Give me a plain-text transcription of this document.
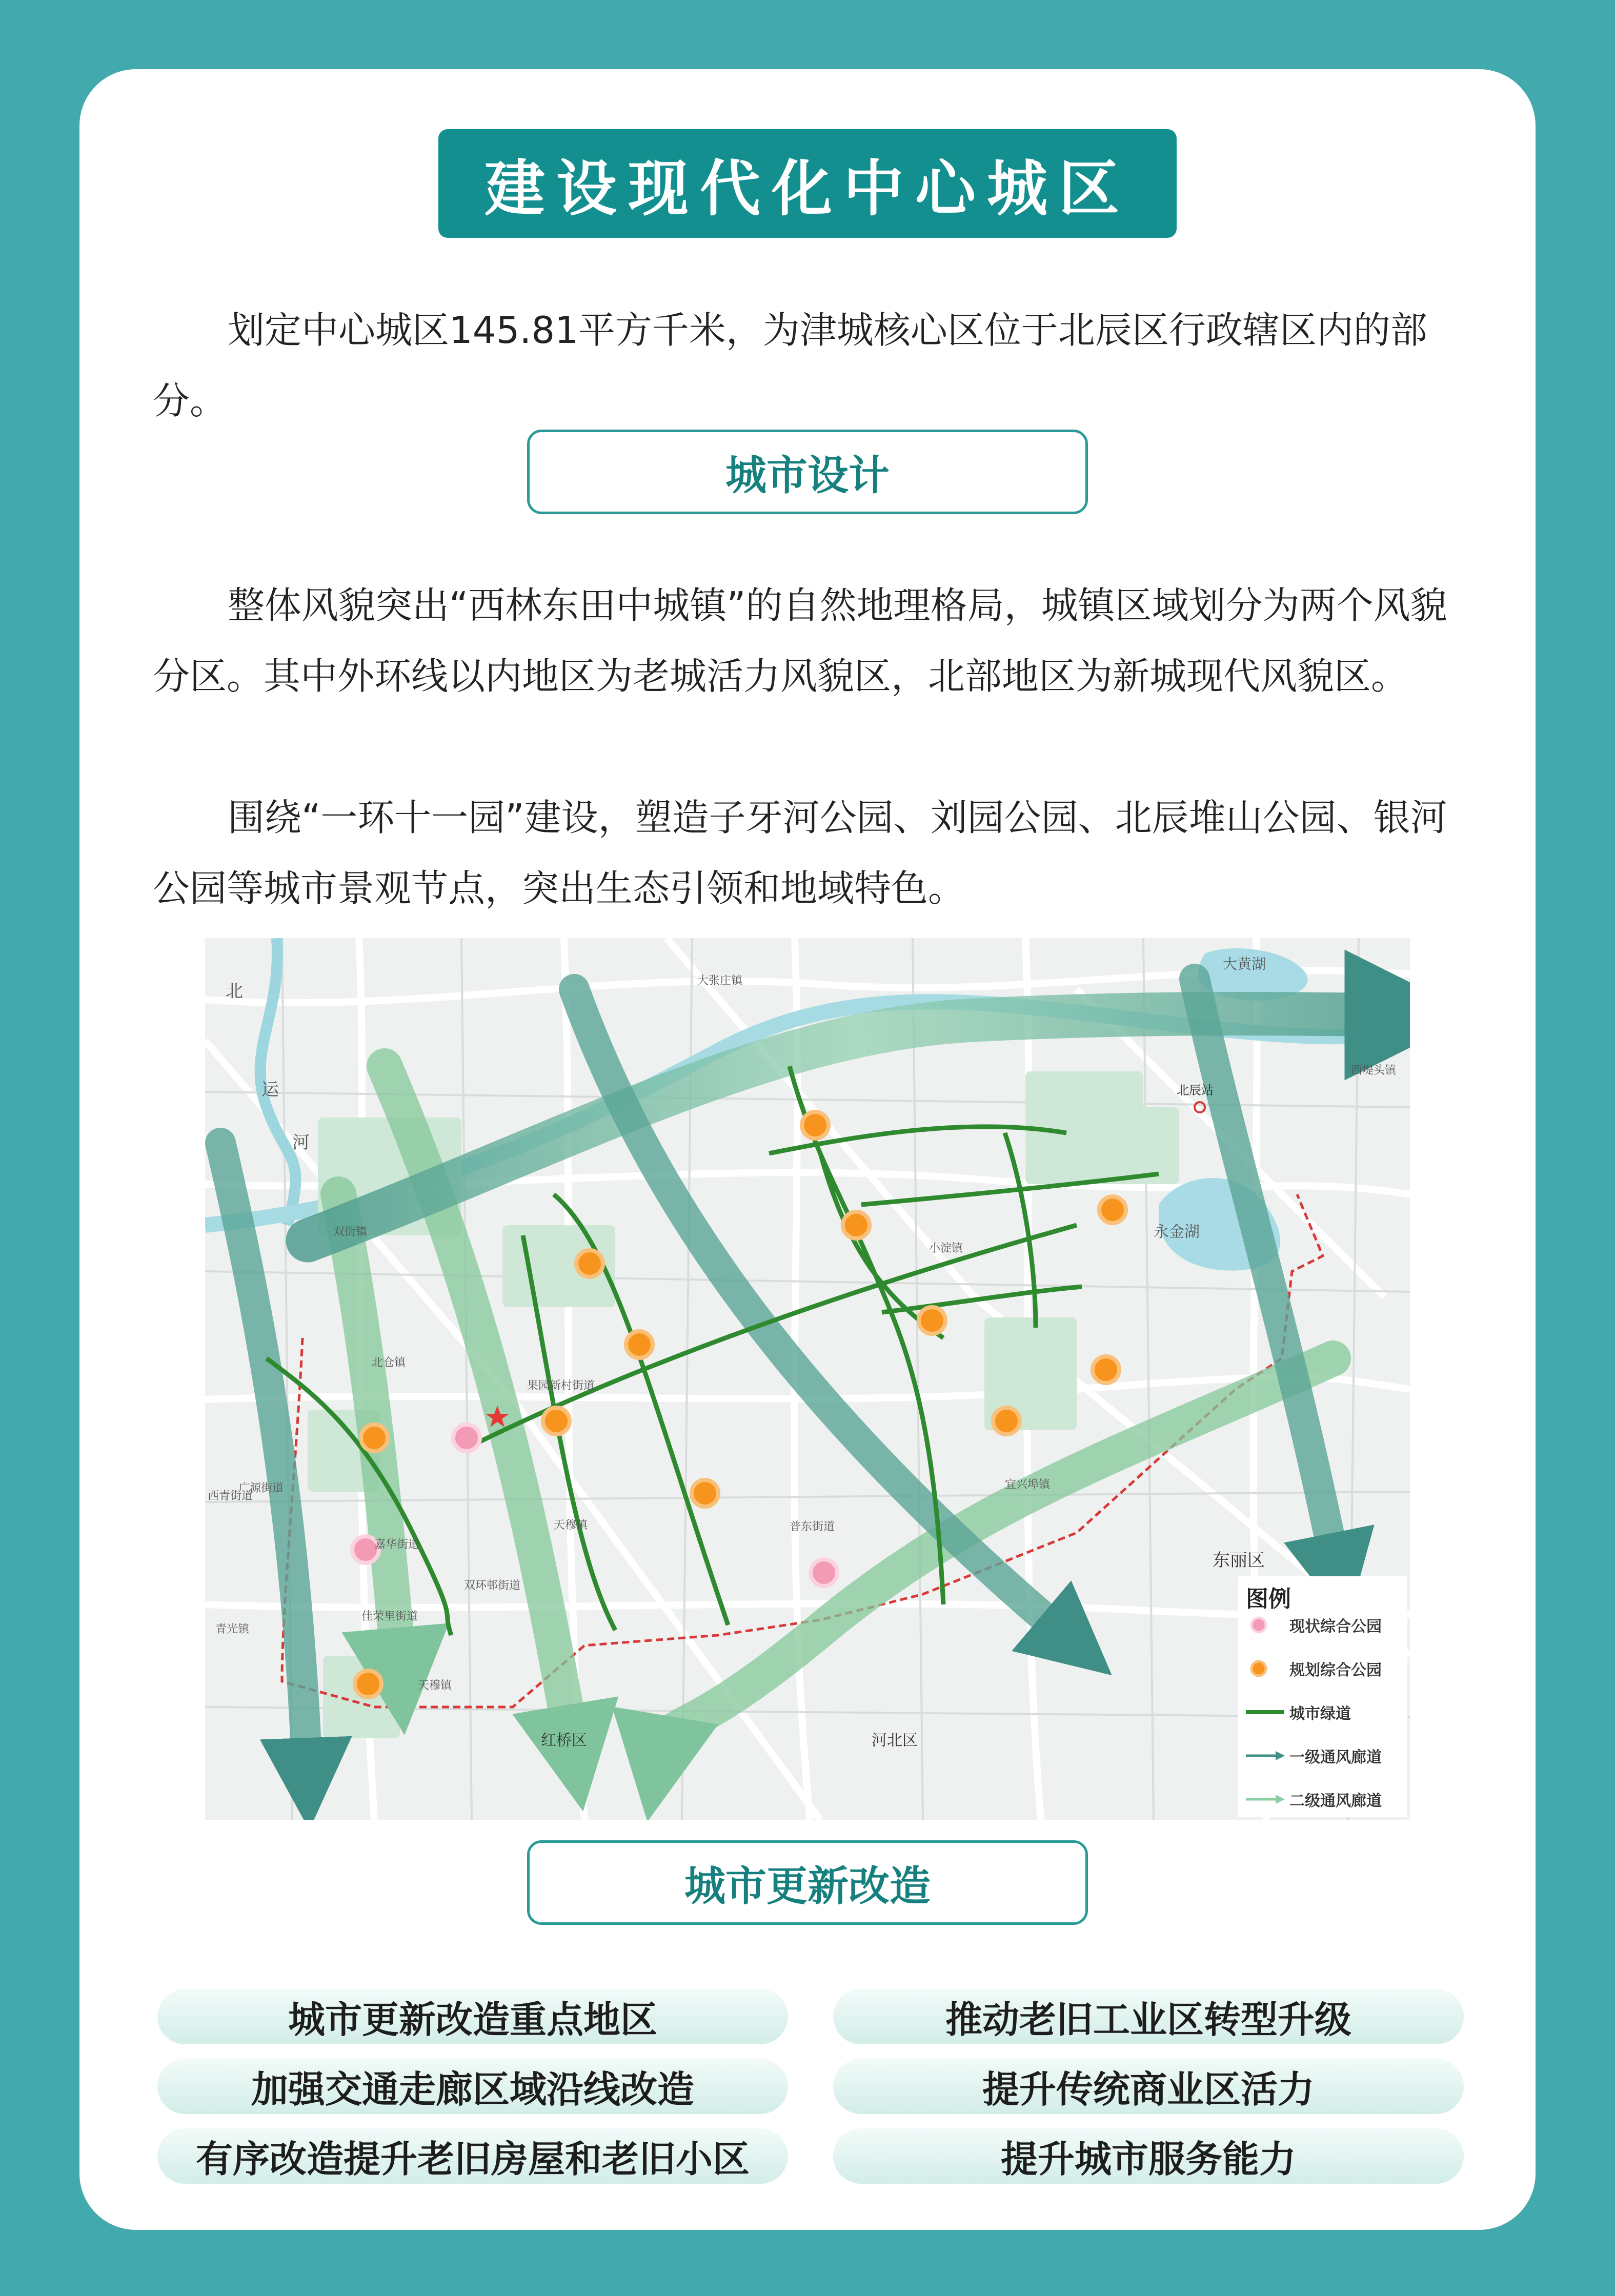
建设现代化中心城区

划定中心城区145.81平方千米，为津城核心区位于北辰区行政辖区内的部分。

城市设计

整体风貌突出“西林东田中城镇”的自然地理格局，城镇区域划分为两个风貌分区。其中外环线以内地区为老城活力风貌区，北部地区为新城现代风貌区。

围绕“一环十一园”建设，塑造子牙河公园、刘园公园、北辰堆山公园、银河公园等城市景观节点，突出生态引领和地域特色。

大张庄镇
北辰站
西堤头镇
永金湖
大黄湖
双街镇
北仓镇
果园新村街道
小淀镇
宜兴埠镇
天穆镇
广源街道
运
河
北
东丽区
红桥区	河北区
双环邨街道
佳荣里街道
青光镇
嘉华街道
西青街道
天穆镇
普东街道
图例
现状综合公园
规划综合公园
城市绿道
一级通风廊道
二级通风廊道
城市更新改造
城市更新改造重点地区	推动老旧工业区转型升级
加强交通走廊区域沿线改造	提升传统商业区活力
有序改造提升老旧房屋和老旧小区	提升城市服务能力
